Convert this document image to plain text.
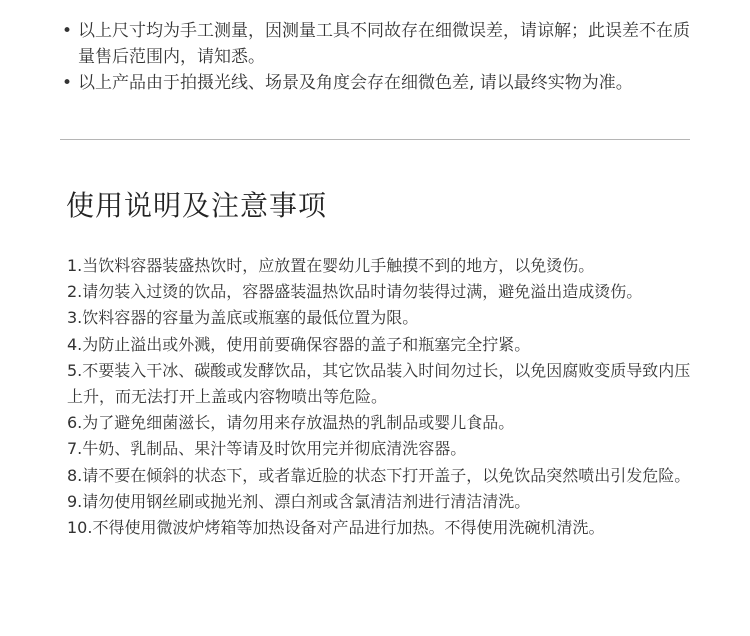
• 以上尺寸均为手工测量，因测量工具不同故存在细微误差，请谅解；此误差不在质量售后范围内，请知悉。
• 以上产品由于拍摄光线、场景及角度会存在细微色差, 请以最终实物为准。
使用说明及注意事项
1.当饮料容器装盛热饮时，应放置在婴幼儿手触摸不到的地方，以免烫伤。
2.请勿装入过烫的饮品，容器盛装温热饮品时请勿装得过满，避免溢出造成烫伤。
3.饮料容器的容量为盖底或瓶塞的最低位置为限。
4.为防止溢出或外溅，使用前要确保容器的盖子和瓶塞完全拧紧。
5.不要装入干冰、碳酸或发酵饮品，其它饮品装入时间勿过长，以免因腐败变质导致内压上升，而无法打开上盖或内容物喷出等危险。
6.为了避免细菌滋长，请勿用来存放温热的乳制品或婴儿食品。
7.牛奶、乳制品、果汁等请及时饮用完并彻底清洗容器。
8.请不要在倾斜的状态下，或者靠近脸的状态下打开盖子，以免饮品突然喷出引发危险。
9.请勿使用钢丝刷或抛光剂、漂白剂或含氯清洁剂进行清洁清洗。
10.不得使用微波炉烤箱等加热设备对产品进行加热。不得使用洗碗机清洗。
